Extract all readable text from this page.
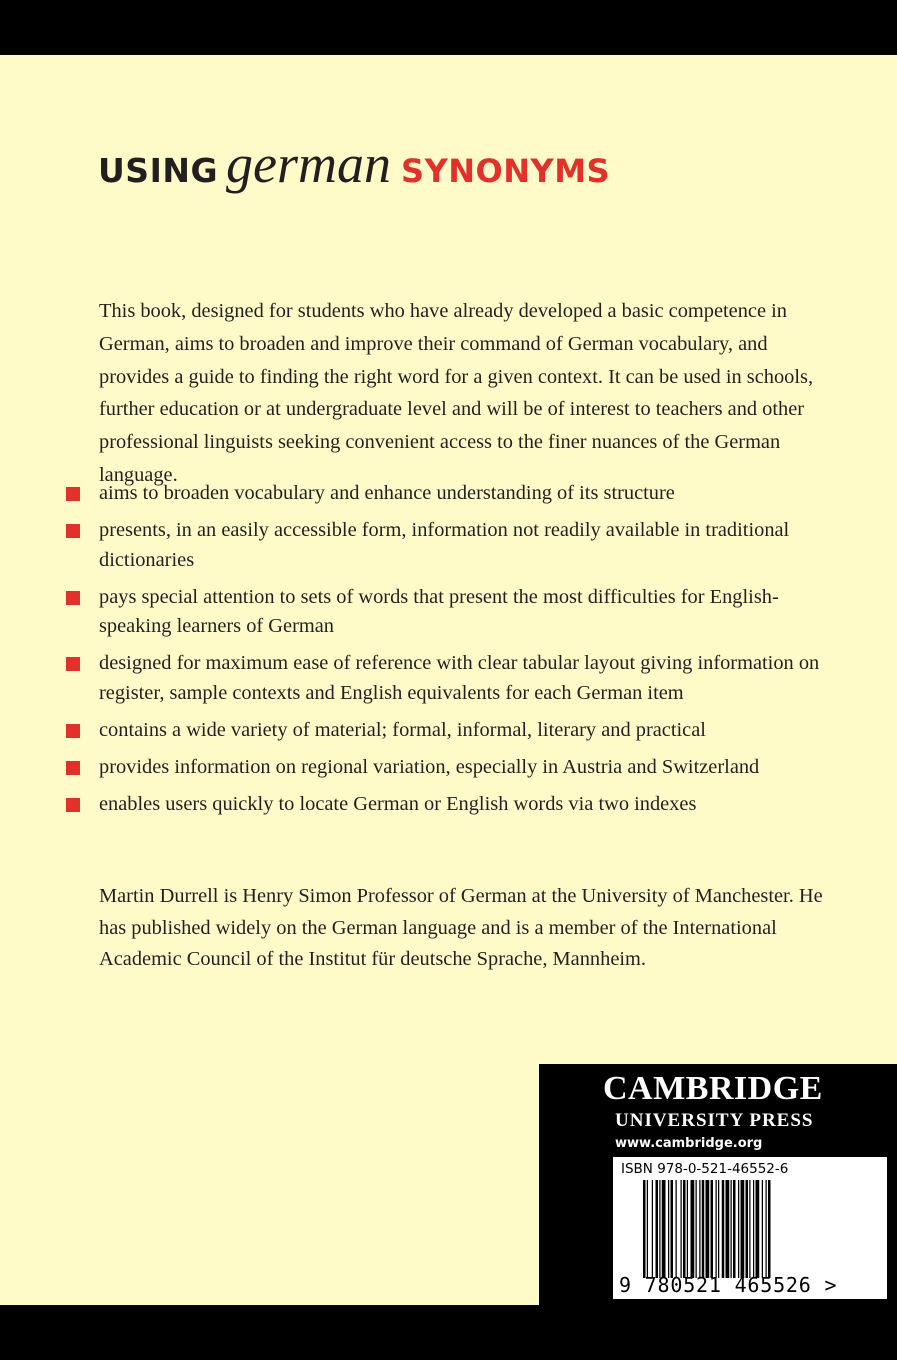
USING german SYNONYMS

This book, designed for students who have already developed a basic competence in German, aims to broaden and improve their command of German vocabulary, and provides a guide to finding the right word for a given context. It can be used in schools, further education or at undergraduate level and will be of interest to teachers and other professional linguists seeking convenient access to the finer nuances of the German language.

aims to broaden vocabulary and enhance understanding of its structure
presents, in an easily accessible form, information not readily available in traditional dictionaries
pays special attention to sets of words that present the most difficulties for English-speaking learners of German
designed for maximum ease of reference with clear tabular layout giving information on register, sample contexts and English equivalents for each German item
contains a wide variety of material; formal, informal, literary and practical
provides information on regional variation, especially in Austria and Switzerland
enables users quickly to locate German or English words via two indexes

Martin Durrell is Henry Simon Professor of German at the University of Manchester. He has published widely on the German language and is a member of the International Academic Council of the Institut für deutsche Sprache, Mannheim.

CAMBRIDGE
UNIVERSITY PRESS
www.cambridge.org
ISBN 978-0-521-46552-6
9 780521 465526 >
